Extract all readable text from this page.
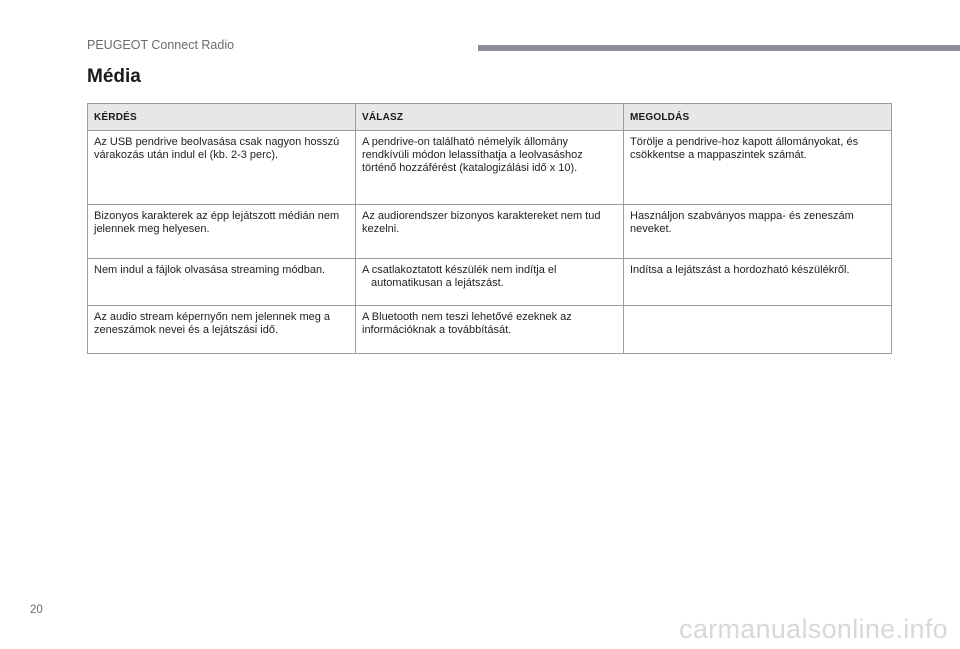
PEUGEOT Connect Radio
Média
KÉRDÉS	VÁLASZ	MEGOLDÁS
Az USB pendrive beolvasása csak nagyon hosszú várakozás után indul el (kb. 2-3 perc).	A pendrive-on található némelyik állomány rendkívüli módon lelassíthatja a leolvasáshoz történő hozzáférést (katalogizálási idő x 10).	Törölje a pendrive-hoz kapott állományokat, és csökkentse a mappaszintek számát.
Bizonyos karakterek az épp lejátszott médián nem jelennek meg helyesen.	Az audiorendszer bizonyos karaktereket nem tud kezelni.	Használjon szabványos mappa- és zeneszám neveket.
Nem indul a fájlok olvasása streaming módban.	A csatlakoztatott készülék nem indítja el automatikusan a lejátszást.	Indítsa a lejátszást a hordozható készülékről.
Az audio stream képernyőn nem jelennek meg a zeneszámok nevei és a lejátszási idő.	A Bluetooth nem teszi lehetővé ezeknek az információknak a továbbítását.	
20
carmanualsonline.info
